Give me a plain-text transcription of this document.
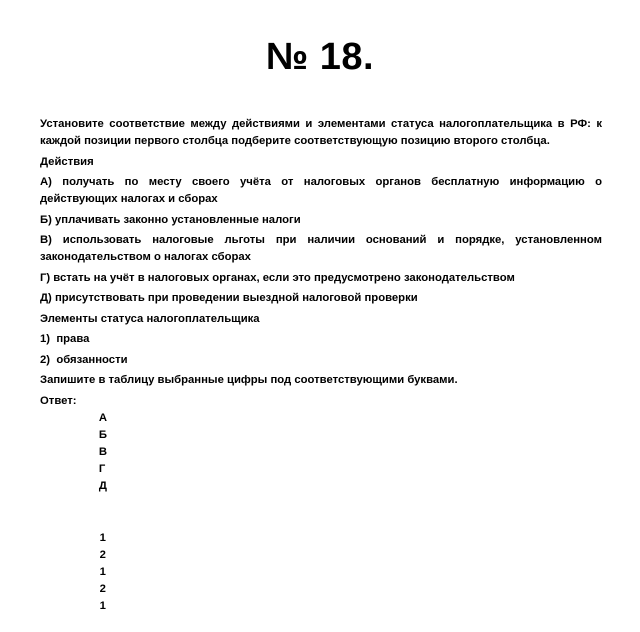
№ 18.
Установите соответствие между действиями и элементами статуса налогоплательщика в РФ: к каждой позиции первого столбца подберите соответствующую позицию второго столбца.
Действия
А) получать по месту своего учёта от налоговых органов бесплатную информацию о действующих налогах и сборах
Б) уплачивать законно установленные налоги
В) использовать налоговые льготы при наличии оснований и порядке, установленном законодательством о налогах сборах
Г) встать на учёт в налоговых органах, если это предусмотрено законодательством
Д) присутствовать при проведении выездной налоговой проверки
Элементы статуса налогоплательщика
1)  права
2)  обязанности
Запишите в таблицу выбранные цифры под соответствующими буквами.
Ответ:

А
Б
В
Г
Д

1
2
1
2
1
